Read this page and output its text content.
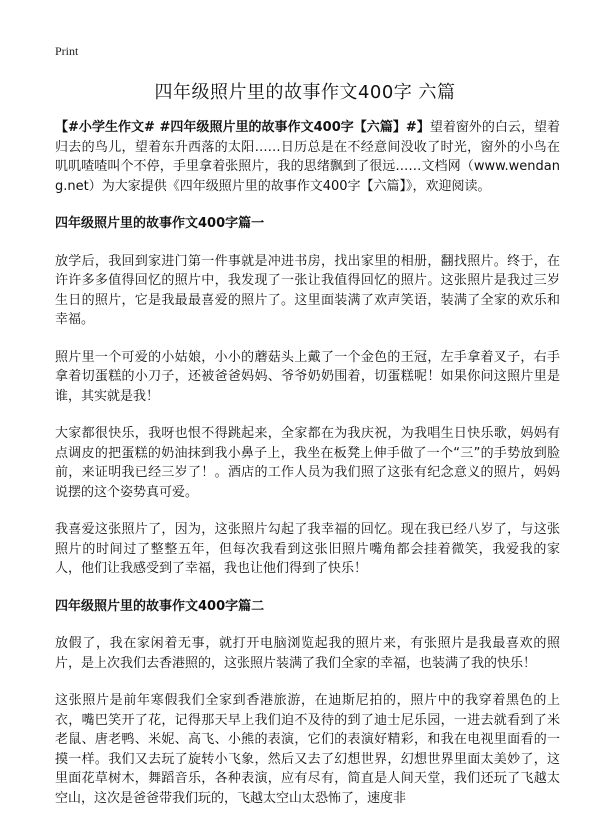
Print
四年级照片里的故事作文400字 六篇

【#小学生作文# #四年级照片里的故事作文400字【六篇】#】望着窗外的白云，望着归去的鸟儿，望着东升西落的太阳……日历总是在不经意间没收了时光，窗外的小鸟在叽叽喳喳叫个不停，手里拿着张照片，我的思绪飘到了很远……文档网（www.wendang.net）为大家提供《四年级照片里的故事作文400字【六篇】》，欢迎阅读。

四年级照片里的故事作文400字篇一

放学后，我回到家进门第一件事就是冲进书房，找出家里的相册，翻找照片。终于，在许许多多值得回忆的照片中，我发现了一张让我值得回忆的照片。这张照片是我过三岁生日的照片，它是我最最喜爱的照片了。这里面装满了欢声笑语，装满了全家的欢乐和幸福。

照片里一个可爱的小姑娘，小小的蘑菇头上戴了一个金色的王冠，左手拿着叉子，右手拿着切蛋糕的小刀子，还被爸爸妈妈、爷爷奶奶围着，切蛋糕呢！如果你问这照片里是谁，其实就是我！

大家都很快乐，我呀也恨不得跳起来，全家都在为我庆祝，为我唱生日快乐歌，妈妈有点调皮的把蛋糕的奶油抹到我小鼻子上，我坐在板凳上伸手做了一个“三”的手势放到脸前，来证明我已经三岁了！。酒店的工作人员为我们照了这张有纪念意义的照片，妈妈说摆的这个姿势真可爱。

我喜爱这张照片了，因为，这张照片勾起了我幸福的回忆。现在我已经八岁了，与这张照片的时间过了整整五年，但每次我看到这张旧照片嘴角都会挂着微笑，我爱我的家人，他们让我感受到了幸福，我也让他们得到了快乐！

四年级照片里的故事作文400字篇二

放假了，我在家闲着无事，就打开电脑浏览起我的照片来，有张照片是我最喜欢的照片，是上次我们去香港照的，这张照片装满了我们全家的幸福，也装满了我的快乐！

这张照片是前年寒假我们全家到香港旅游，在迪斯尼拍的，照片中的我穿着黑色的上衣，嘴巴笑开了花，记得那天早上我们迫不及待的到了迪士尼乐园，一进去就看到了米老鼠、唐老鸭、米妮、高飞、小熊的表演，它们的表演好精彩，和我在电视里面看的一摸一样。我们又去玩了旋转小飞象，然后又去了幻想世界，幻想世界里面太美妙了，这里面花草树木，舞蹈音乐，各种表演，应有尽有，简直是人间天堂，我们还玩了飞越太空山，这次是爸爸带我们玩的，飞越太空山太恐怖了，速度非
